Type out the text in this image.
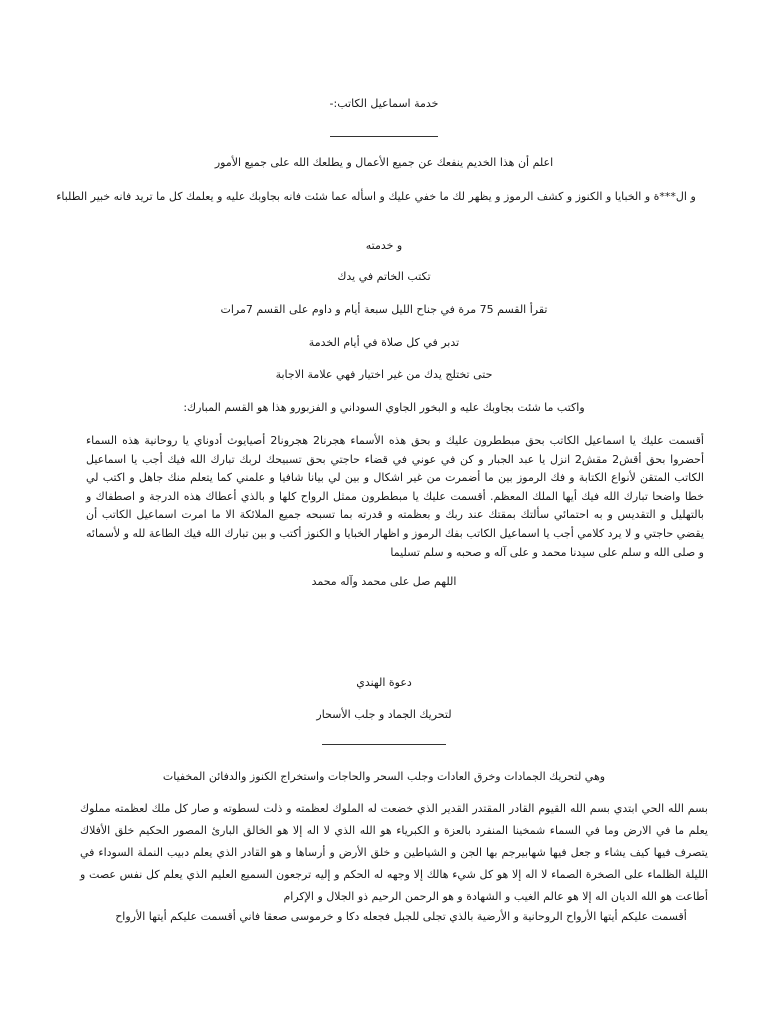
خدمة اسماعيل الكاتب:-
اعلم أن هذا الخديم ينفعك عن جميع الأعمال و يطلعك الله على جميع الأمور
و ال***ة و الخبايا و الكنوز و كشف الرموز و يظهر لك ما خفي عليك و اسأله عما شئت فانه بجاوبك عليه و يعلمك كل ما تريد فانه خبير الطلباء
و خدمته
تكتب الخاتم في يدك
تقرأ القسم 75 مرة في جناح الليل سبعة أيام و داوم على القسم 7مرات
تدبر في كل صلاة في أيام الخدمة
حتى تختلج يدك من غير اختيار فهي علامة الاجابة
واكتب ما شئت بجاوبك عليه و البخور الجاوي السوداني و الفزبورو هذا هو القسم المبارك:
أقسمت عليك يا اسماعيل الكاتب بحق مبططرون عليك و بحق هذه الأسماء هجرنا2 هجرونا2 أصيايوث أدوناي يا روحانية هذه السماء أحضروا بحق أقش2 مقش2 انزل يا عبد الجبار و كن في عوني في قضاء حاجتي بحق تسبيحك لربك تبارك الله فيك أجب يا اسماعيل الكاتب المتقن لأنواع الكتابة و فك الرموز بين ما أضمرت من غير اشكال و بين لي بيانا شافيا و علمني كما يتعلم منك جاهل و اكتب لي خطا واضحا تبارك الله فيك أيها الملك المعظم. أقسمت عليك يا مبططرون ممثل الرواح كلها و بالذي أعطاك هذه الدرجة و اصطفاك و بالتهليل و التقديس و به احتمائي سألتك بمقتك عند ربك و بعظمته و قدرته بما تسبحه جميع الملائكة الا ما امرت اسماعيل الكاتب أن يقضي حاجتي و لا يرد كلامي أجب يا اسماعيل الكاتب بفك الرموز و اظهار الخبايا و الكنوز أكتب و بين تبارك الله فيك الطاعة لله و لأسمائه و صلى الله و سلم على سيدنا محمد و على آله و صحبه و سلم تسليما
اللهم صل على محمد وآله محمد
دعوة الهندي
لتحريك الجماد و جلب الأسحار
وهي لتحريك الجمادات وخرق العادات وجلب السحر والحاجات واستخراج الكنوز والدفائن المخفيات
بسم الله الحي ابتدي بسم الله القيوم القادر المقتدر القدير الذي خضعت له الملوك لعظمته و ذلت لسطوته و صار كل ملك لعظمته مملوك يعلم ما في الارض وما في السماء شمخينا المنفرد بالعزة و الكبرياء هو الله الذي لا اله إلا هو الخالق البارئ المصور الحكيم خلق الأفلاك يتصرف فيها كيف يشاء و جعل فيها شهابيرجم بها الجن و الشياطين و خلق الأرض و أرساها و هو القادر الذي يعلم دبيب النملة السوداء في الليلة الظلماء على الصخرة الصماء لا اله إلا هو كل شيء هالك إلا وجهه له الحكم و إليه ترجعون السميع العليم الذي يعلم كل نفس عصت و أطاعت هو الله الديان اله إلا هو عالم الغيب و الشهادة و هو الرحمن الرحيم ذو الجلال و الإكرام
أقسمت عليكم أيتها الأرواح الروحانية و الأرضية بالذي تجلى للجبل فجعله دكا و خرموسى صعقا فاني أقسمت عليكم أيتها الأرواح
